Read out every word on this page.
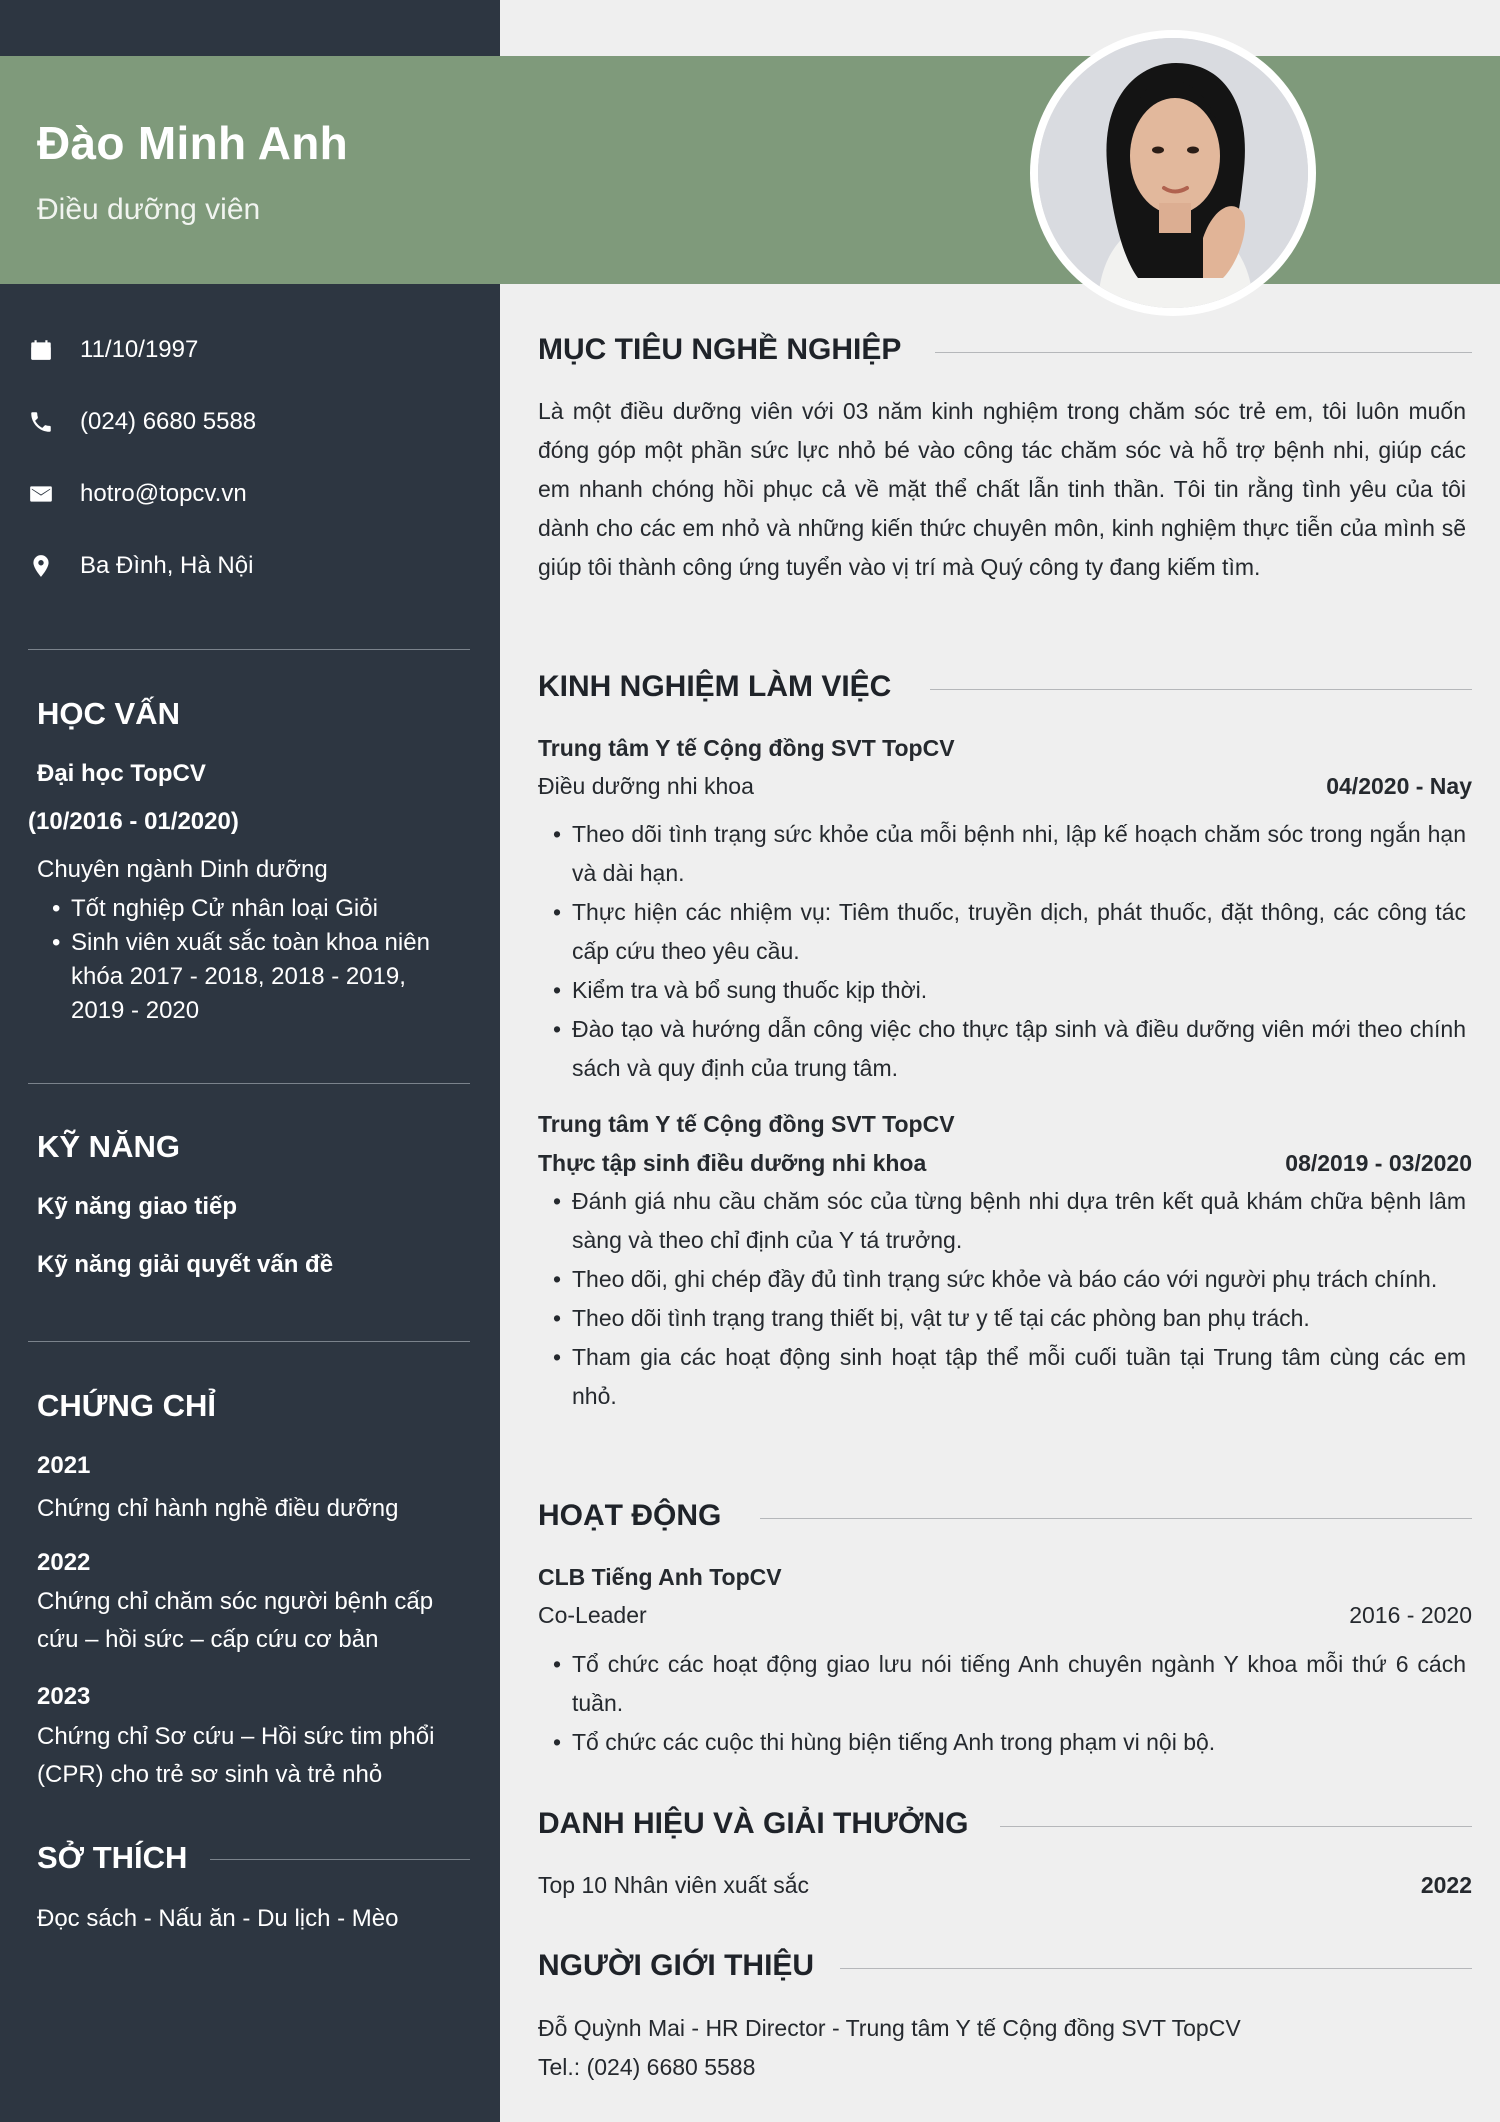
Đào Minh Anh
Điều dưỡng viên
11/10/1997
(024) 6680 5588
hotro@topcv.vn
Ba Đình, Hà Nội
HỌC VẤN
Đại học TopCV
(10/2016 - 01/2020)
Chuyên ngành Dinh dưỡng
• Tốt nghiệp Cử nhân loại Giỏi
• Sinh viên xuất sắc toàn khoa niên khóa 2017 - 2018, 2018 - 2019, 2019 - 2020
KỸ NĂNG
Kỹ năng giao tiếp
Kỹ năng giải quyết vấn đề
CHỨNG CHỈ
2021
Chứng chỉ hành nghề điều dưỡng
2022
Chứng chỉ chăm sóc người bệnh cấp cứu – hồi sức – cấp cứu cơ bản
2023
Chứng chỉ Sơ cứu – Hồi sức tim phổi (CPR) cho trẻ sơ sinh và trẻ nhỏ
SỞ THÍCH
Đọc sách - Nấu ăn - Du lịch - Mèo
MỤC TIÊU NGHỀ NGHIỆP
Là một điều dưỡng viên với 03 năm kinh nghiệm trong chăm sóc trẻ em, tôi luôn muốn đóng góp một phần sức lực nhỏ bé vào công tác chăm sóc và hỗ trợ bệnh nhi, giúp các em nhanh chóng hồi phục cả về mặt thể chất lẫn tinh thần. Tôi tin rằng tình yêu của tôi dành cho các em nhỏ và những kiến thức chuyên môn, kinh nghiệm thực tiễn của mình sẽ giúp tôi thành công ứng tuyển vào vị trí mà Quý công ty đang kiếm tìm.
KINH NGHIỆM LÀM VIỆC
Trung tâm Y tế Cộng đồng SVT TopCV
Điều dưỡng nhi khoa	04/2020 - Nay
• Theo dõi tình trạng sức khỏe của mỗi bệnh nhi, lập kế hoạch chăm sóc trong ngắn hạn và dài hạn.
• Thực hiện các nhiệm vụ: Tiêm thuốc, truyền dịch, phát thuốc, đặt thông, các công tác cấp cứu theo yêu cầu.
• Kiểm tra và bổ sung thuốc kịp thời.
• Đào tạo và hướng dẫn công việc cho thực tập sinh và điều dưỡng viên mới theo chính sách và quy định của trung tâm.
Trung tâm Y tế Cộng đồng SVT TopCV
Thực tập sinh điều dưỡng nhi khoa	08/2019 - 03/2020
• Đánh giá nhu cầu chăm sóc của từng bệnh nhi dựa trên kết quả khám chữa bệnh lâm sàng và theo chỉ định của Y tá trưởng.
• Theo dõi, ghi chép đầy đủ tình trạng sức khỏe và báo cáo với người phụ trách chính.
• Theo dõi tình trạng trang thiết bị, vật tư y tế tại các phòng ban phụ trách.
• Tham gia các hoạt động sinh hoạt tập thể mỗi cuối tuần tại Trung tâm cùng các em nhỏ.
HOẠT ĐỘNG
CLB Tiếng Anh TopCV
Co-Leader	2016 - 2020
• Tổ chức các hoạt động giao lưu nói tiếng Anh chuyên ngành Y khoa mỗi thứ 6 cách tuần.
• Tổ chức các cuộc thi hùng biện tiếng Anh trong phạm vi nội bộ.
DANH HIỆU VÀ GIẢI THƯỞNG
Top 10 Nhân viên xuất sắc	2022
NGƯỜI GIỚI THIỆU
Đỗ Quỳnh Mai - HR Director - Trung tâm Y tế Cộng đồng SVT TopCV
Tel.: (024) 6680 5588
